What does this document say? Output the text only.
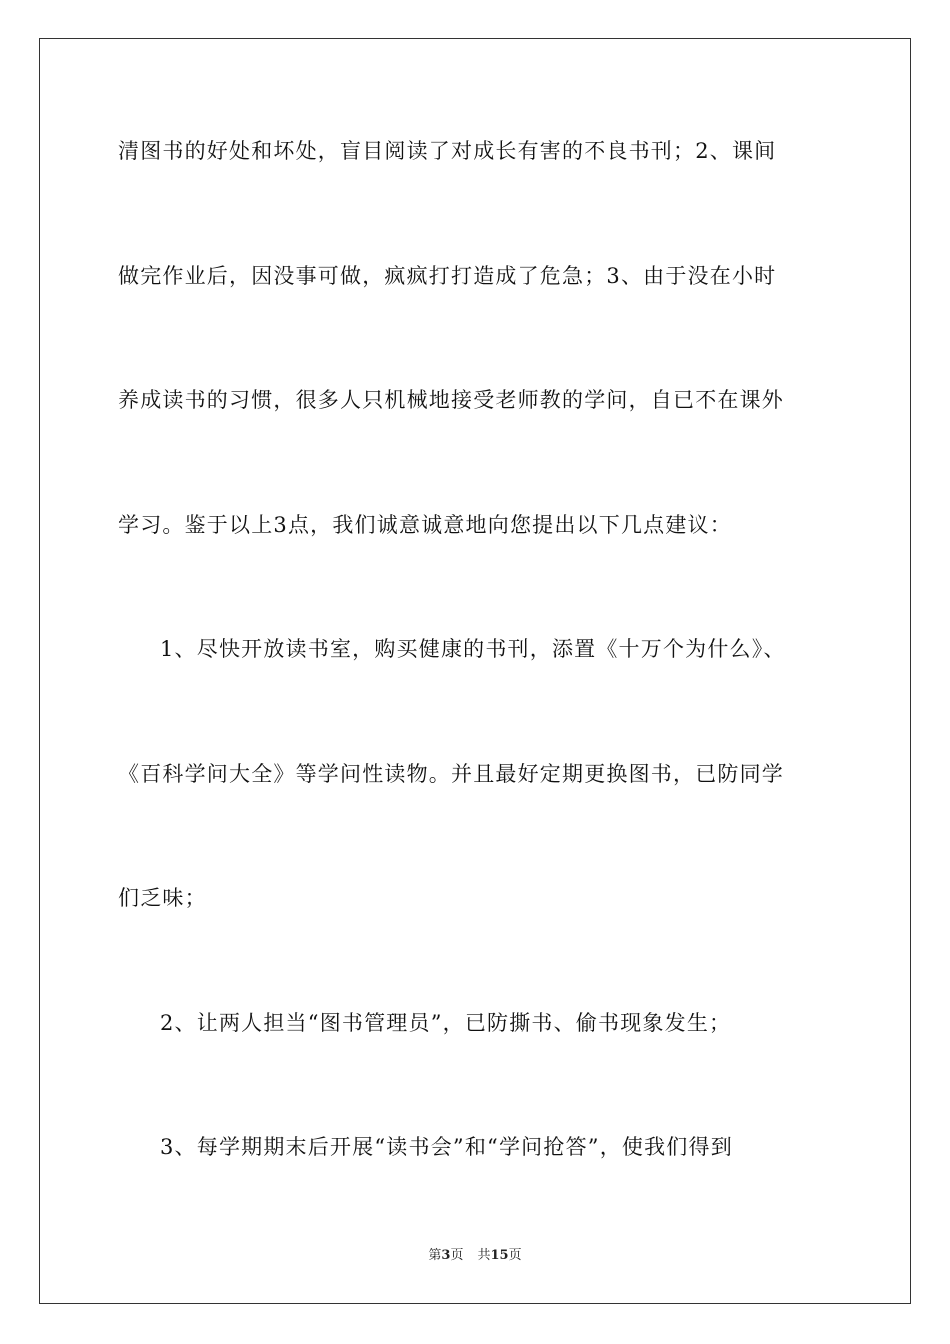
清图书的好处和坏处，盲目阅读了对成长有害的不良书刊；2、课间

做完作业后，因没事可做，疯疯打打造成了危急；3、由于没在小时

养成读书的习惯，很多人只机械地接受老师教的学问，自已不在课外

学习。鉴于以上3点，我们诚意诚意地向您提出以下几点建议：

1、尽快开放读书室，购买健康的书刊，添置《十万个为什么》、

《百科学问大全》等学问性读物。并且最好定期更换图书，已防同学

们乏味；

2、让两人担当“图书管理员”，已防撕书、偷书现象发生；

3、每学期期末后开展“读书会”和“学问抢答”，使我们得到

第3页 共15页
